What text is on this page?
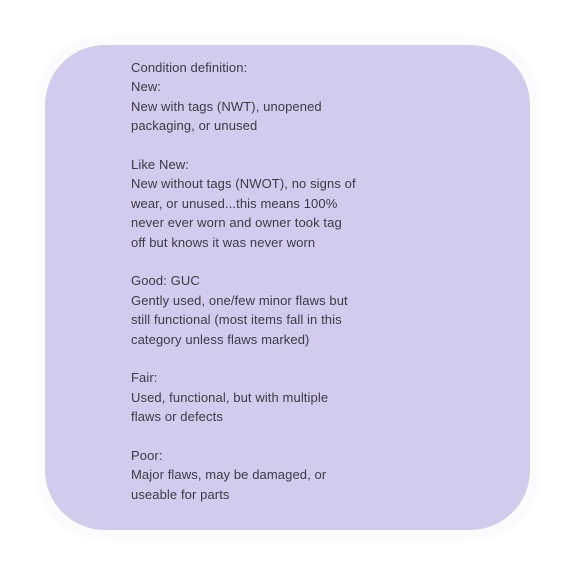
Condition definition:
New:
New with tags (NWT), unopened
packaging, or unused
Like New:
New without tags (NWOT), no signs of
wear, or unused...this means 100%
never ever worn and owner took tag
off but knows it was never worn
Good: GUC
Gently used, one/few minor flaws but
still functional (most items fall in this
category unless flaws marked)
Fair:
Used, functional, but with multiple
flaws or defects
Poor:
Major flaws, may be damaged, or
useable for parts
